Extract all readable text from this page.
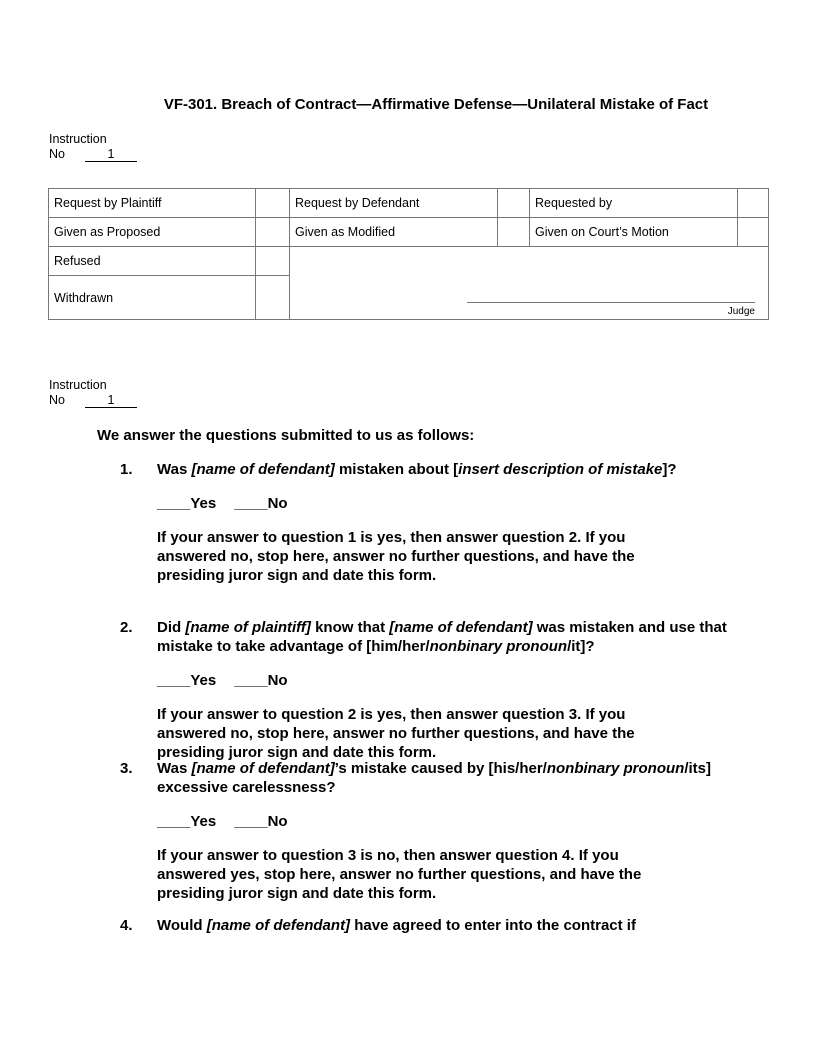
VF-301. Breach of Contract—Affirmative Defense—Unilateral Mistake of Fact
Instruction
No	1
Request by Plaintiff		Request by Defendant		Requested by	
Given as Proposed		Given as Modified		Given on Court’s Motion	
Refused		Judge			

Withdrawn					
Instruction
No	1
We answer the questions submitted to us as follows:
1. Was [name of defendant] mistaken about [insert description of mistake]?
____Yes ____No
If your answer to question 1 is yes, then answer question 2. If you answered no, stop here, answer no further questions, and have the presiding juror sign and date this form.
2. Did [name of plaintiff] know that [name of defendant] was mistaken and use that mistake to take advantage of [him/her/nonbinary pronoun/it]?
____Yes ____No
If your answer to question 2 is yes, then answer question 3. If you answered no, stop here, answer no further questions, and have the presiding juror sign and date this form.
3. Was [name of defendant]’s mistake caused by [his/her/nonbinary pronoun/its] excessive carelessness?
____Yes ____No
If your answer to question 3 is no, then answer question 4. If you answered yes, stop here, answer no further questions, and have the presiding juror sign and date this form.
4. Would [name of defendant] have agreed to enter into the contract if
